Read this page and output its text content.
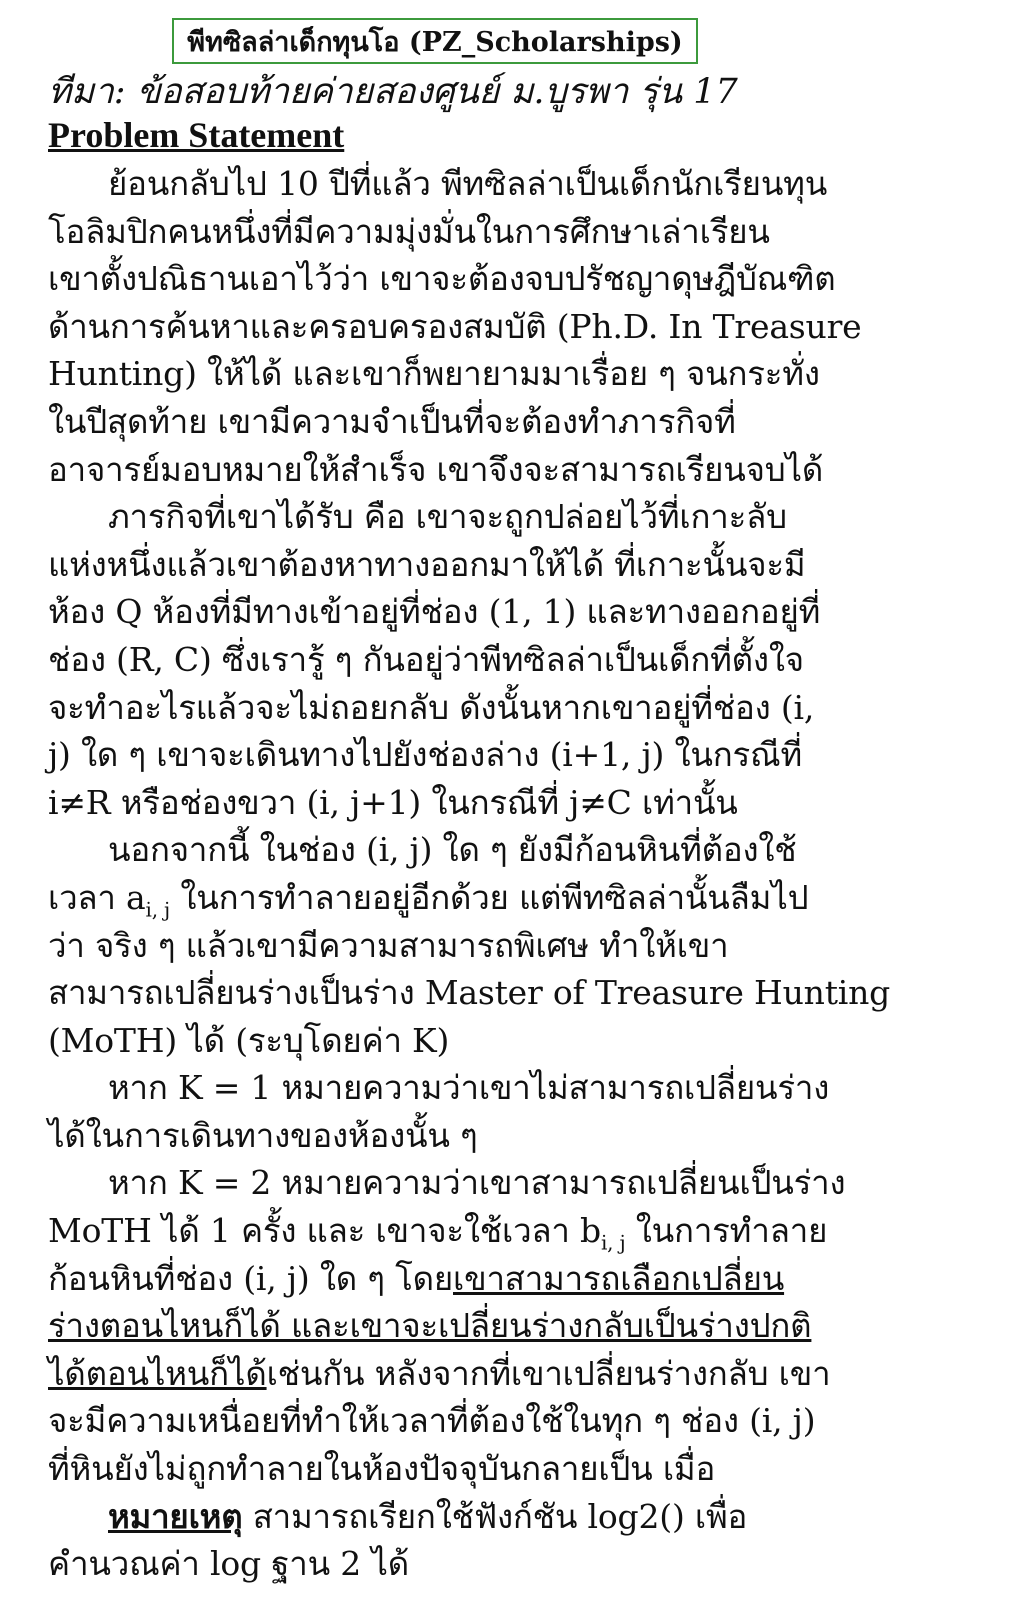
พีทซิลล่าเด็กทุนโอ (PZ_Scholarships)
ทีมา: ข้อสอบท้ายค่ายสองศูนย์ ม.บูรพา รุ่น 17
Problem Statement
ย้อนกลับไป 10 ปีที่แล้ว พีทซิลล่าเป็นเด็กนักเรียนทุน
โอลิมปิกคนหนึ่งที่มีความมุ่งมั่นในการศึกษาเล่าเรียน
เขาตั้งปณิธานเอาไว้ว่า เขาจะต้องจบปรัชญาดุษฎีบัณฑิต
ด้านการค้นหาและครอบครองสมบัติ (Ph.D. In Treasure
Hunting) ให้ได้ และเขาก็พยายามมาเรื่อย ๆ จนกระทั่ง
ในปีสุดท้าย เขามีความจำเป็นที่จะต้องทำภารกิจที่
อาจารย์มอบหมายให้สำเร็จ เขาจึงจะสามารถเรียนจบได้
ภารกิจที่เขาได้รับ คือ เขาจะถูกปล่อยไว้ที่เกาะลับ
แห่งหนึ่งแล้วเขาต้องหาทางออกมาให้ได้ ที่เกาะนั้นจะมี
ห้อง Q ห้องที่มีทางเข้าอยู่ที่ช่อง (1, 1) และทางออกอยู่ที่
ช่อง (R, C) ซึ่งเรารู้ ๆ กันอยู่ว่าพีทซิลล่าเป็นเด็กที่ตั้งใจ
จะทำอะไรแล้วจะไม่ถอยกลับ ดังนั้นหากเขาอยู่ที่ช่อง (i,
j) ใด ๆ เขาจะเดินทางไปยังช่องล่าง (i+1, j) ในกรณีที่
i≠R หรือช่องขวา (i, j+1) ในกรณีที่ j≠C เท่านั้น
นอกจากนี้ ในช่อง (i, j) ใด ๆ ยังมีก้อนหินที่ต้องใช้
เวลา $a_{i, j}$ ในการทำลายอยู่อีกด้วย แต่พีทซิลล่านั้นลืมไป
ว่า จริง ๆ แล้วเขามีความสามารถพิเศษ ทำให้เขา
สามารถเปลี่ยนร่างเป็นร่าง Master of Treasure Hunting
(MoTH) ได้ (ระบุโดยค่า K)
หาก K = 1 หมายความว่าเขาไม่สามารถเปลี่ยนร่าง
ได้ในการเดินทางของห้องนั้น ๆ
หาก K = 2 หมายความว่าเขาสามารถเปลี่ยนเป็นร่าง
MoTH ได้ 1 ครั้ง และ เขาจะใช้เวลา $b_{i, j}$ ในการทำลาย
ก้อนหินที่ช่อง (i, j) ใด ๆ โดยเขาสามารถเลือกเปลี่ยน
ร่างตอนไหนก็ได้ และเขาจะเปลี่ยนร่างกลับเป็นร่างปกติ
ได้ตอนไหนก็ได้เช่นกัน หลังจากที่เขาเปลี่ยนร่างกลับ เขา
จะมีความเหนื่อยที่ทำให้เวลาที่ต้องใช้ในทุก ๆ ช่อง (i, j)
ที่หินยังไม่ถูกทำลายในห้องปัจจุบันกลายเป็น เมื่อ
หมายเหตุ สามารถเรียกใช้ฟังก์ชัน log2() เพื่อ
คำนวณค่า log ฐาน 2 ได้
